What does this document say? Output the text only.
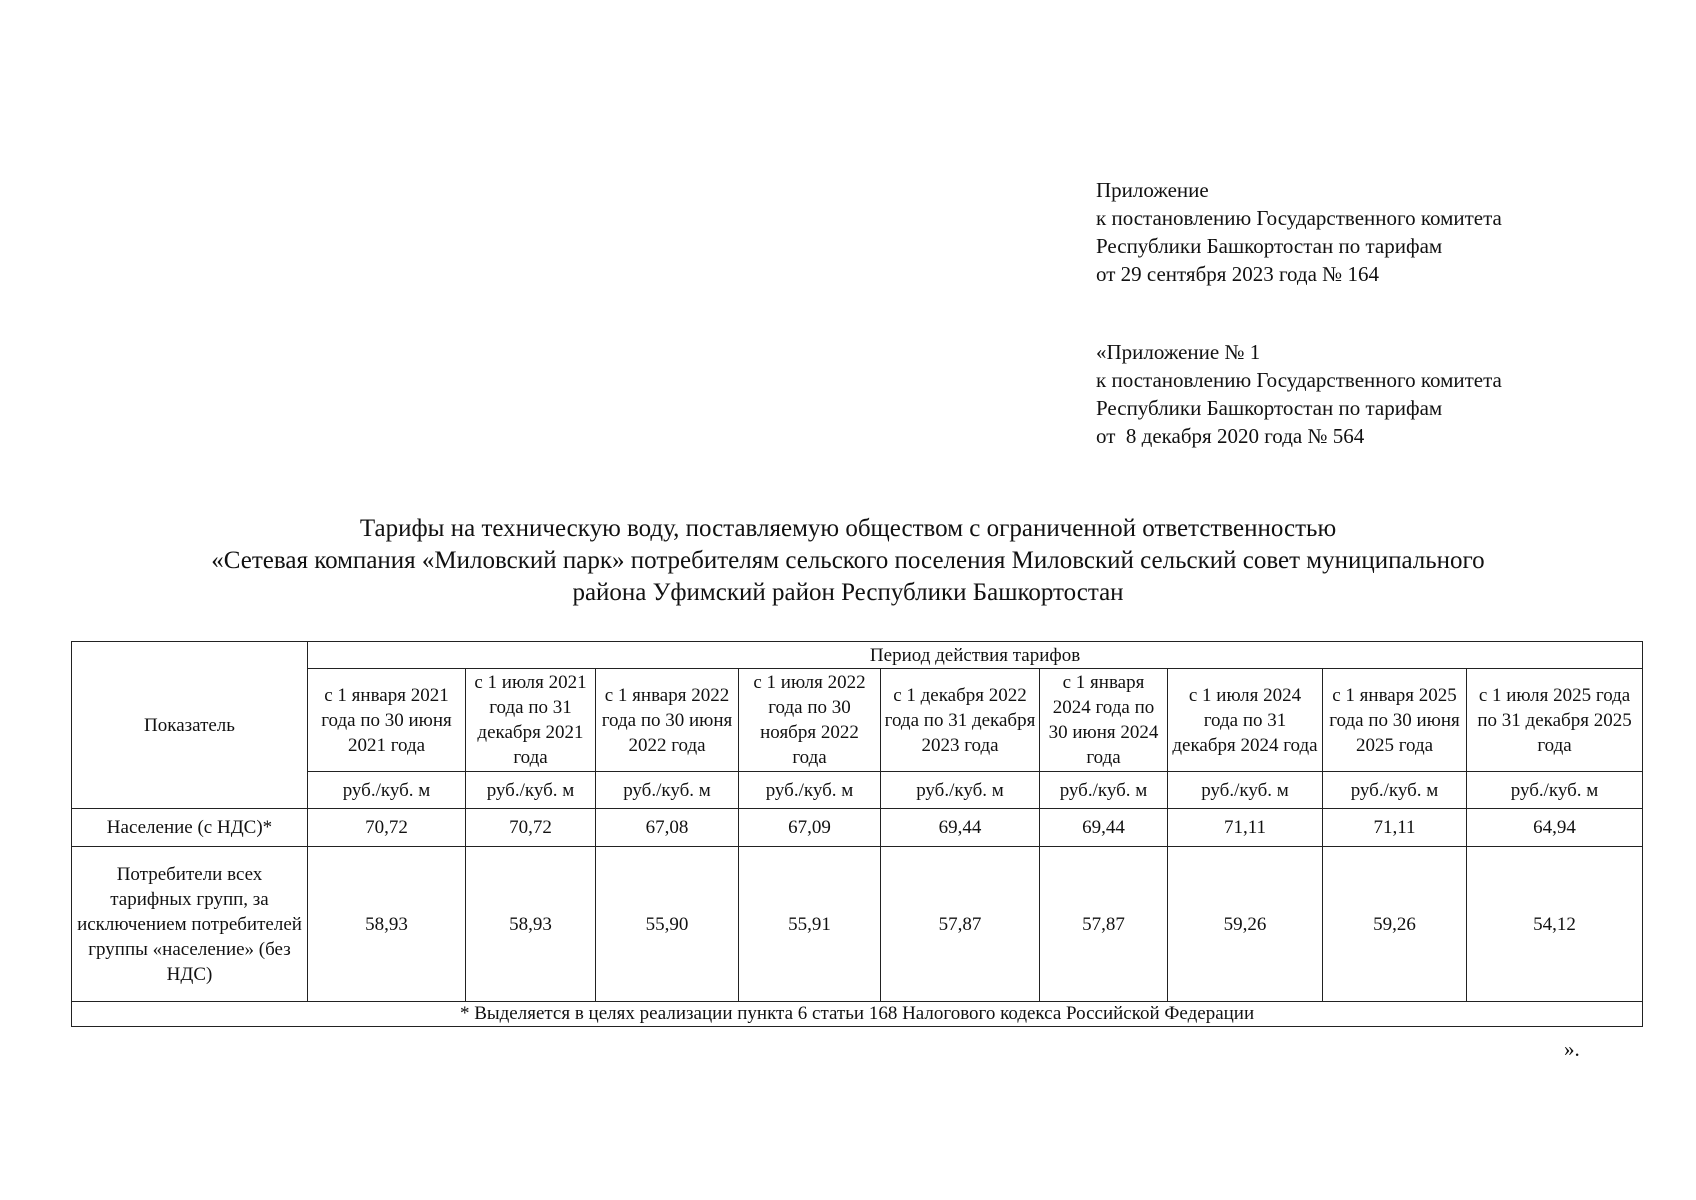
Приложение
к постановлению Государственного комитета
Республики Башкортостан по тарифам
от 29 сентября 2023 года № 164
«Приложение № 1
к постановлению Государственного комитета
Республики Башкортостан по тарифам
от  8 декабря 2020 года № 564
Тарифы на техническую воду, поставляемую обществом с ограниченной ответственностью
«Сетевая компания «Миловский парк» потребителям сельского поселения Миловский сельский совет муниципального
района Уфимский район Республики Башкортостан
Показатель	Период действия тарифов								
	с 1 января 2021 года по 30 июня 2021 года	с 1 июля 2021 года по 31 декабря 2021 года	с 1 января 2022 года по 30 июня 2022 года	с 1 июля 2022 года по 30 ноября 2022 года	с 1 декабря 2022 года по 31 декабря 2023 года	с 1 января 2024 года по 30 июня 2024 года	с 1 июля 2024 года по 31 декабря 2024 года	с 1 января 2025 года по 30 июня 2025 года	с 1 июля 2025 года по 31 декабря 2025 года
	руб./куб. м	руб./куб. м	руб./куб. м	руб./куб. м	руб./куб. м	руб./куб. м	руб./куб. м	руб./куб. м	руб./куб. м
Население (с НДС)*	70,72	70,72	67,08	67,09	69,44	69,44	71,11	71,11	64,94
Потребители всех тарифных групп, за исключением потребителей группы «население» (без НДС)	58,93	58,93	55,90	55,91	57,87	57,87	59,26	59,26	54,12
* Выделяется в целях реализации пункта 6 статьи 168 Налогового кодекса Российской Федерации									
».
